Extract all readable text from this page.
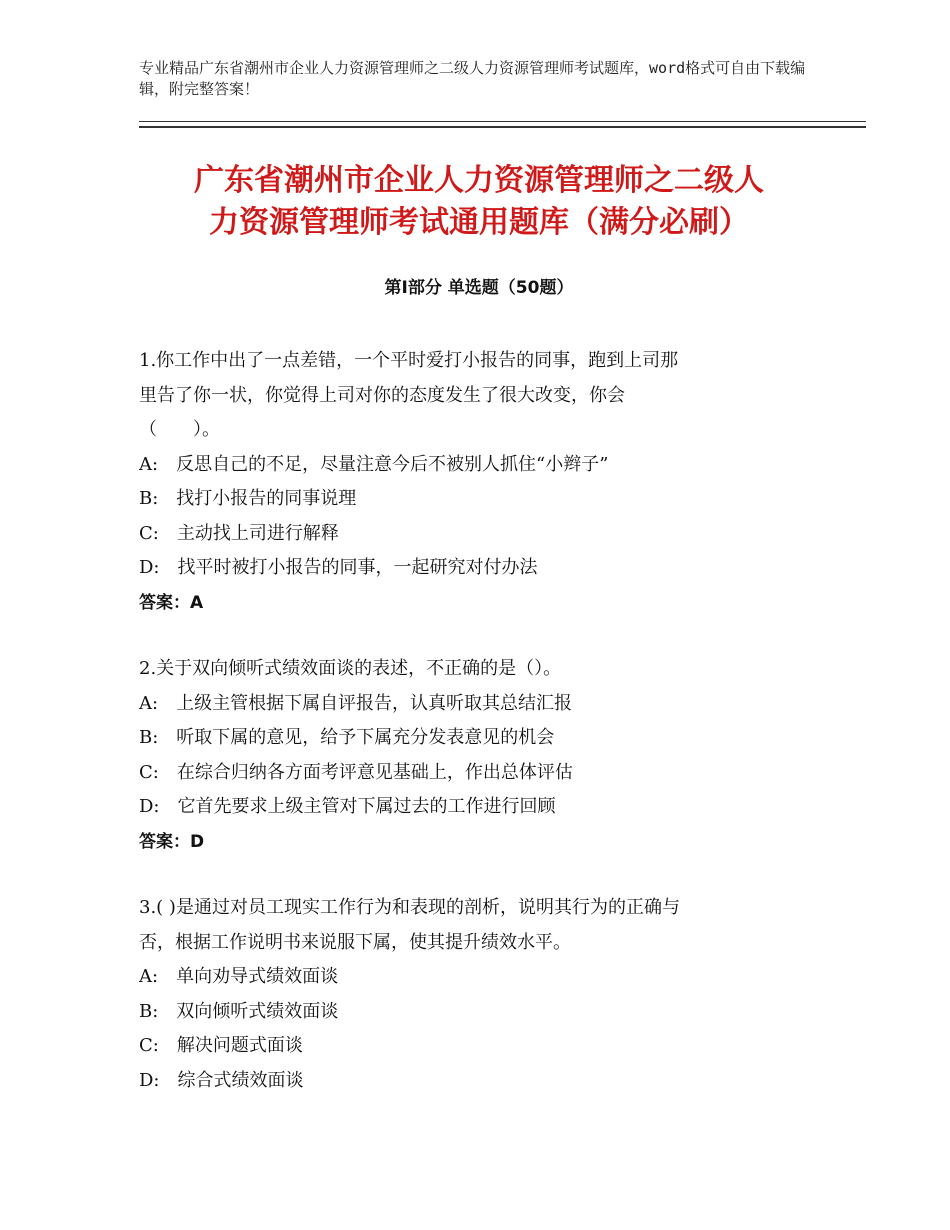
专业精品广东省潮州市企业人力资源管理师之二级人力资源管理师考试题库，word格式可自由下载编辑，附完整答案！
广东省潮州市企业人力资源管理师之二级人
力资源管理师考试通用题库（满分必刷）
第Ⅰ部分 单选题（50题）
1.你工作中出了一点差错，一个平时爱打小报告的同事，跑到上司那
里告了你一状，你觉得上司对你的态度发生了很大改变，你会
（　　）。
A:　反思自己的不足，尽量注意今后不被别人抓住“小辫子”
B:　找打小报告的同事说理
C:　主动找上司进行解释
D:　找平时被打小报告的同事，一起研究对付办法
答案：A
2.关于双向倾听式绩效面谈的表述，不正确的是（）。
A:　上级主管根据下属自评报告，认真听取其总结汇报
B:　听取下属的意见，给予下属充分发表意见的机会
C:　在综合归纳各方面考评意见基础上，作出总体评估
D:　它首先要求上级主管对下属过去的工作进行回顾
答案：D
3.( )是通过对员工现实工作行为和表现的剖析，说明其行为的正确与
否，根据工作说明书来说服下属，使其提升绩效水平。
A:　单向劝导式绩效面谈
B:　双向倾听式绩效面谈
C:　解决问题式面谈
D:　综合式绩效面谈
